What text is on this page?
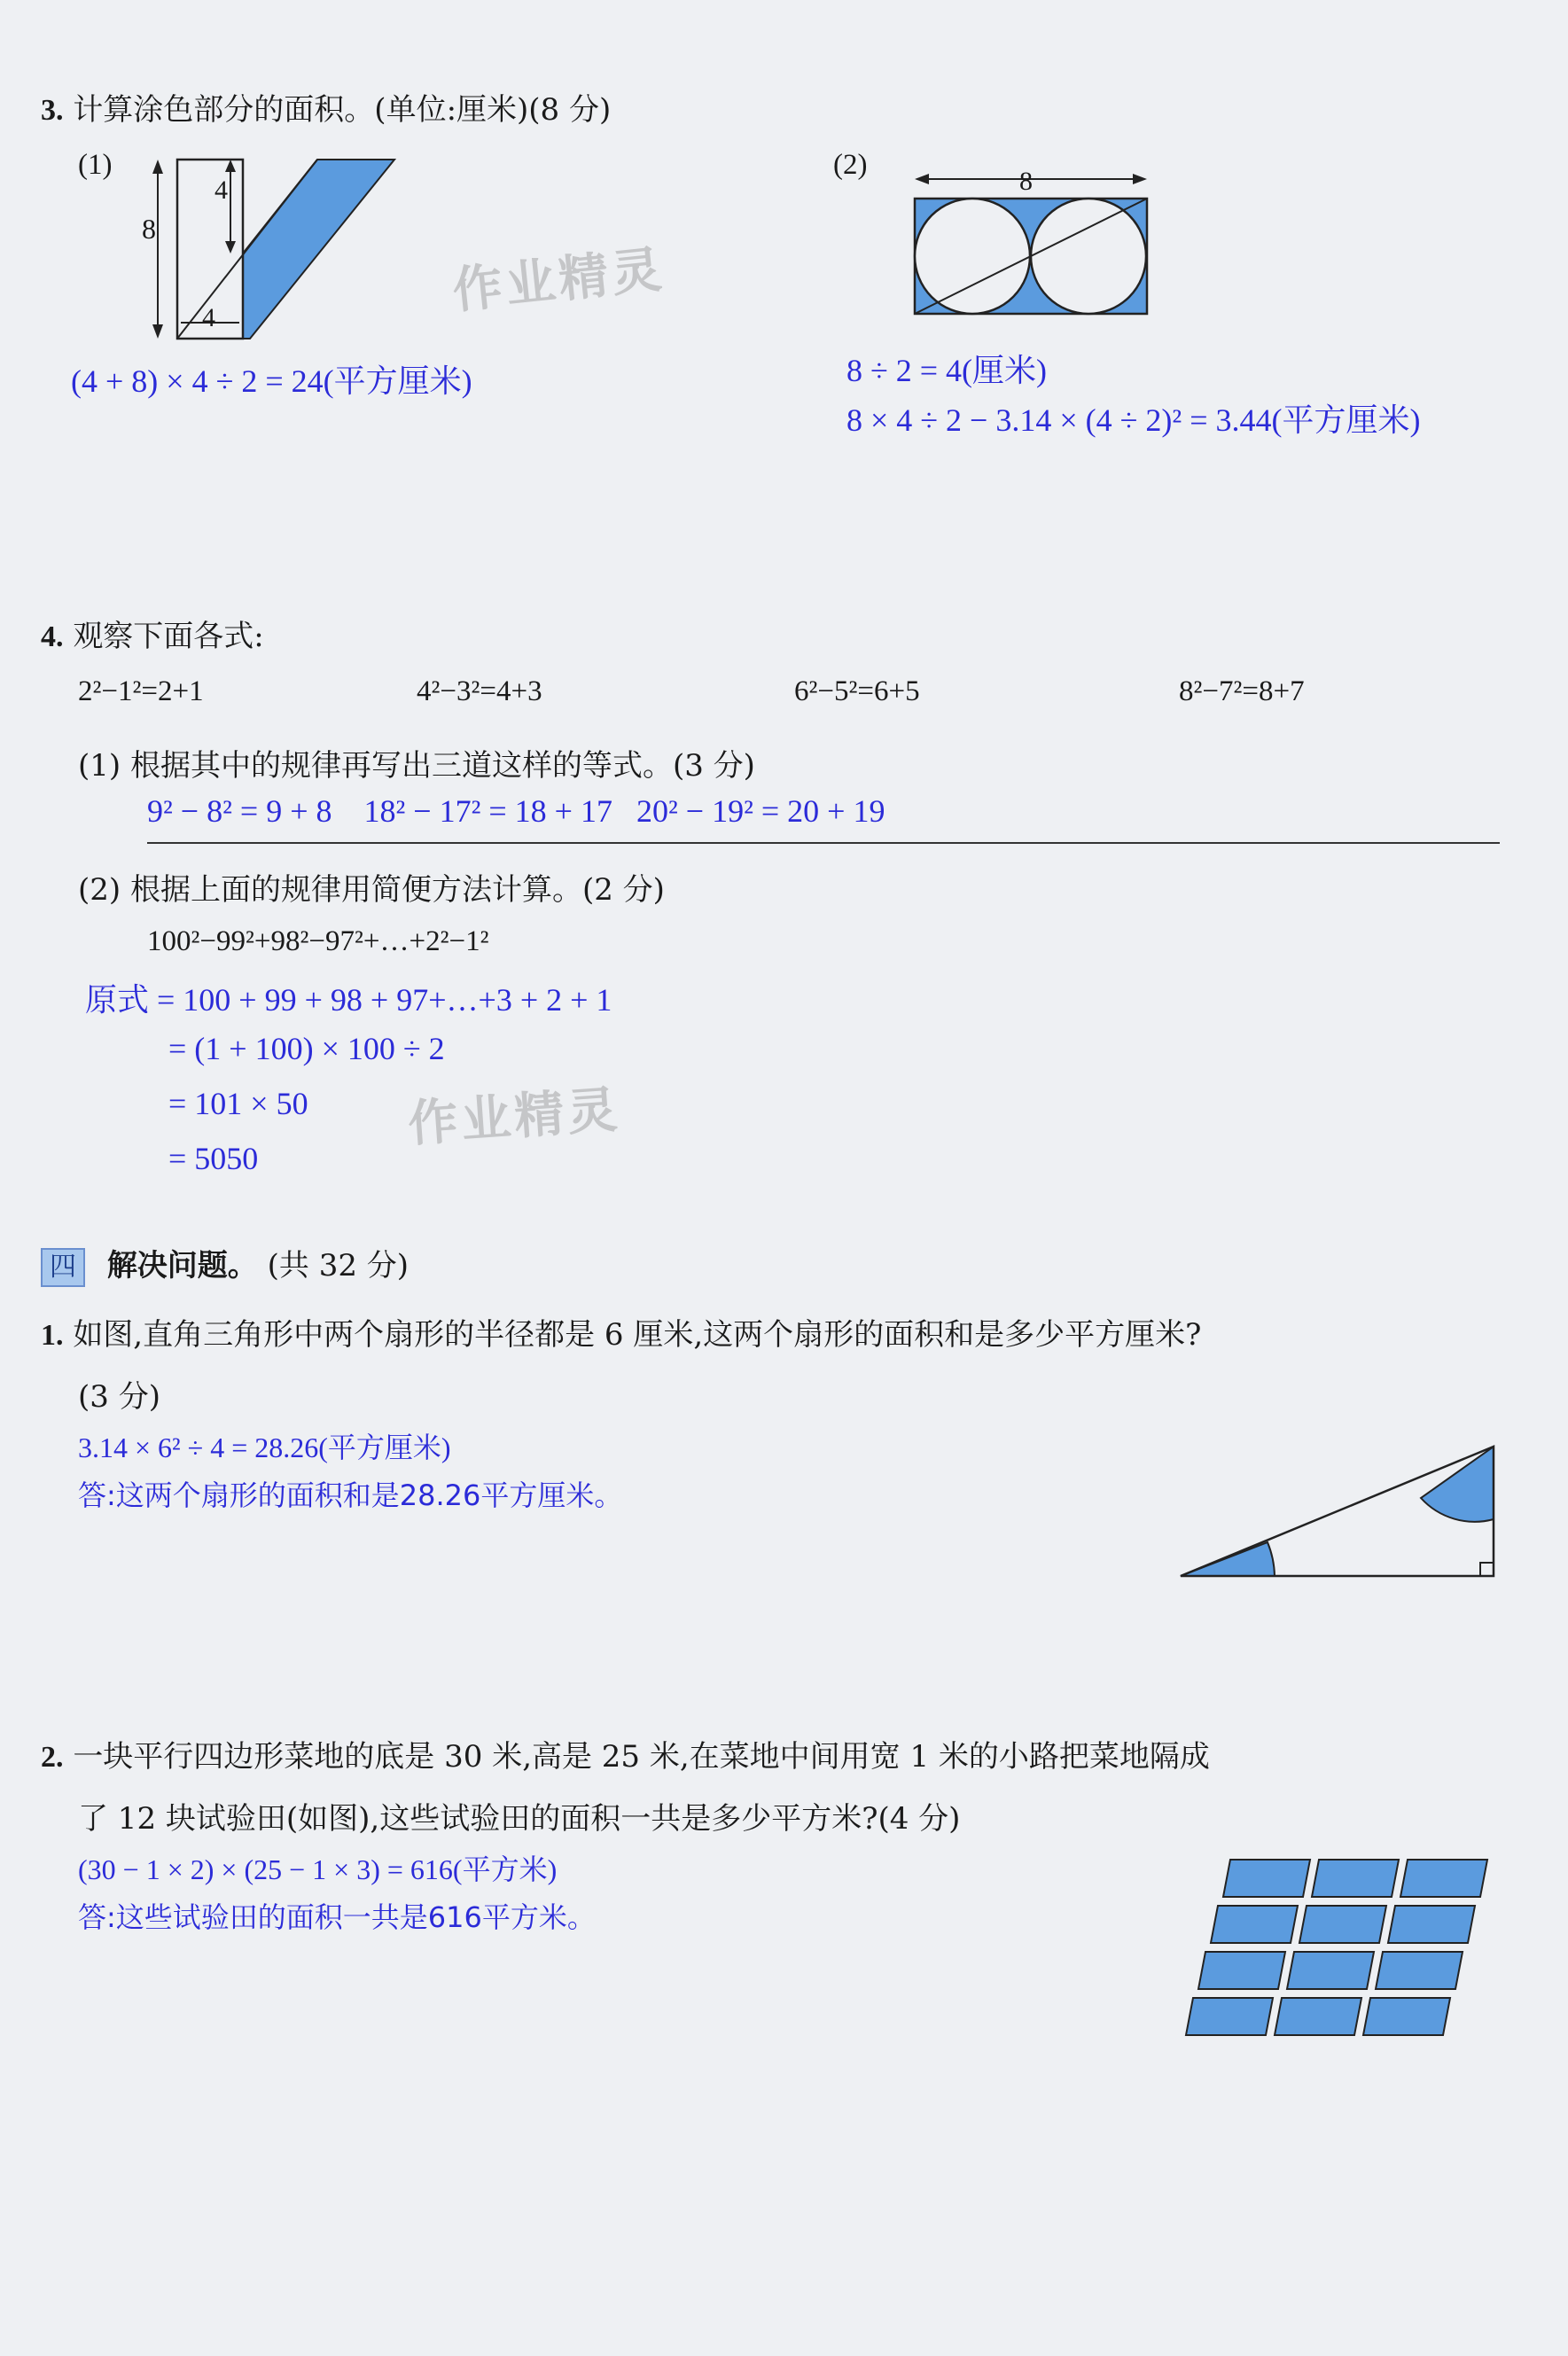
3. 计算涂色部分的面积。(单位:厘米)(8 分)
(1)
8
4
4
(4 + 8) × 4 ÷ 2 = 24(平方厘米)
(2)
8
8 ÷ 2 = 4(厘米)
8 × 4 ÷ 2 − 3.14 × (4 ÷ 2)² = 3.44(平方厘米)
作业精灵
4. 观察下面各式:
2²−1²=2+1	4²−3²=4+3	6²−5²=6+5	8²−7²=8+7
(1) 根据其中的规律再写出三道这样的等式。(3 分)
9² − 8² = 9 + 8    18² − 17² = 18 + 17   20² − 19² = 20 + 19
(2) 根据上面的规律用简便方法计算。(2 分)
100²−99²+98²−97²+…+2²−1²
原式 = 100 + 99 + 98 + 97+…+3 + 2 + 1
= (1 + 100) × 100 ÷ 2
= 101 × 50
= 5050
作业精灵
四 解决问题。 (共 32 分)
1. 如图,直角三角形中两个扇形的半径都是 6 厘米,这两个扇形的面积和是多少平方厘米?
(3 分)
3.14 × 6² ÷ 4 = 28.26(平方厘米)
答:这两个扇形的面积和是28.26平方厘米。
2. 一块平行四边形菜地的底是 30 米,高是 25 米,在菜地中间用宽 1 米的小路把菜地隔成
了 12 块试验田(如图),这些试验田的面积一共是多少平方米?(4 分)
(30 − 1 × 2) × (25 − 1 × 3) = 616(平方米)
答:这些试验田的面积一共是616平方米。
